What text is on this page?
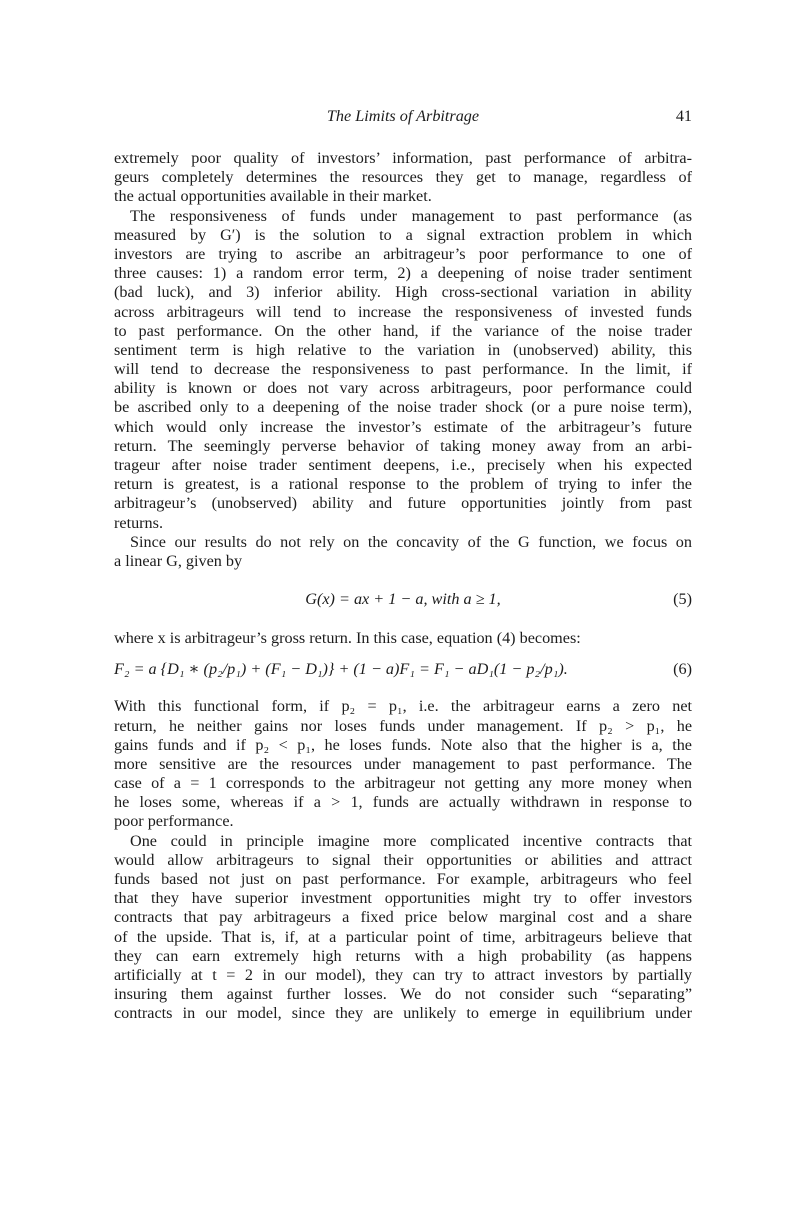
The Limits of Arbitrage	41
extremely poor quality of investors’ information, past performance of arbitra-
geurs completely determines the resources they get to manage, regardless of
the actual opportunities available in their market.
The responsiveness of funds under management to past performance (as
measured by G′) is the solution to a signal extraction problem in which
investors are trying to ascribe an arbitrageur’s poor performance to one of
three causes: 1) a random error term, 2) a deepening of noise trader sentiment
(bad luck), and 3) inferior ability. High cross-sectional variation in ability
across arbitrageurs will tend to increase the responsiveness of invested funds
to past performance. On the other hand, if the variance of the noise trader
sentiment term is high relative to the variation in (unobserved) ability, this
will tend to decrease the responsiveness to past performance. In the limit, if
ability is known or does not vary across arbitrageurs, poor performance could
be ascribed only to a deepening of the noise trader shock (or a pure noise term),
which would only increase the investor’s estimate of the arbitrageur’s future
return. The seemingly perverse behavior of taking money away from an arbi-
trageur after noise trader sentiment deepens, i.e., precisely when his expected
return is greatest, is a rational response to the problem of trying to infer the
arbitrageur’s (unobserved) ability and future opportunities jointly from past
returns.
Since our results do not rely on the concavity of the G function, we focus on
a linear G, given by
G(x) = ax + 1 − a, with a ≥ 1,	(5)
where x is arbitrageur’s gross return. In this case, equation (4) becomes:
F₂ = a {D₁ ∗ (p₂/p₁) + (F₁ − D₁)} + (1 − a)F₁ = F₁ − aD₁(1 − p₂/p₁).	(6)
With this functional form, if p₂ = p₁, i.e. the arbitrageur earns a zero net
return, he neither gains nor loses funds under management. If p₂ > p₁, he
gains funds and if p₂ < p₁, he loses funds. Note also that the higher is a, the
more sensitive are the resources under management to past performance. The
case of a = 1 corresponds to the arbitrageur not getting any more money when
he loses some, whereas if a > 1, funds are actually withdrawn in response to
poor performance.
One could in principle imagine more complicated incentive contracts that
would allow arbitrageurs to signal their opportunities or abilities and attract
funds based not just on past performance. For example, arbitrageurs who feel
that they have superior investment opportunities might try to offer investors
contracts that pay arbitrageurs a fixed price below marginal cost and a share
of the upside. That is, if, at a particular point of time, arbitrageurs believe that
they can earn extremely high returns with a high probability (as happens
artificially at t = 2 in our model), they can try to attract investors by partially
insuring them against further losses. We do not consider such “separating”
contracts in our model, since they are unlikely to emerge in equilibrium under
